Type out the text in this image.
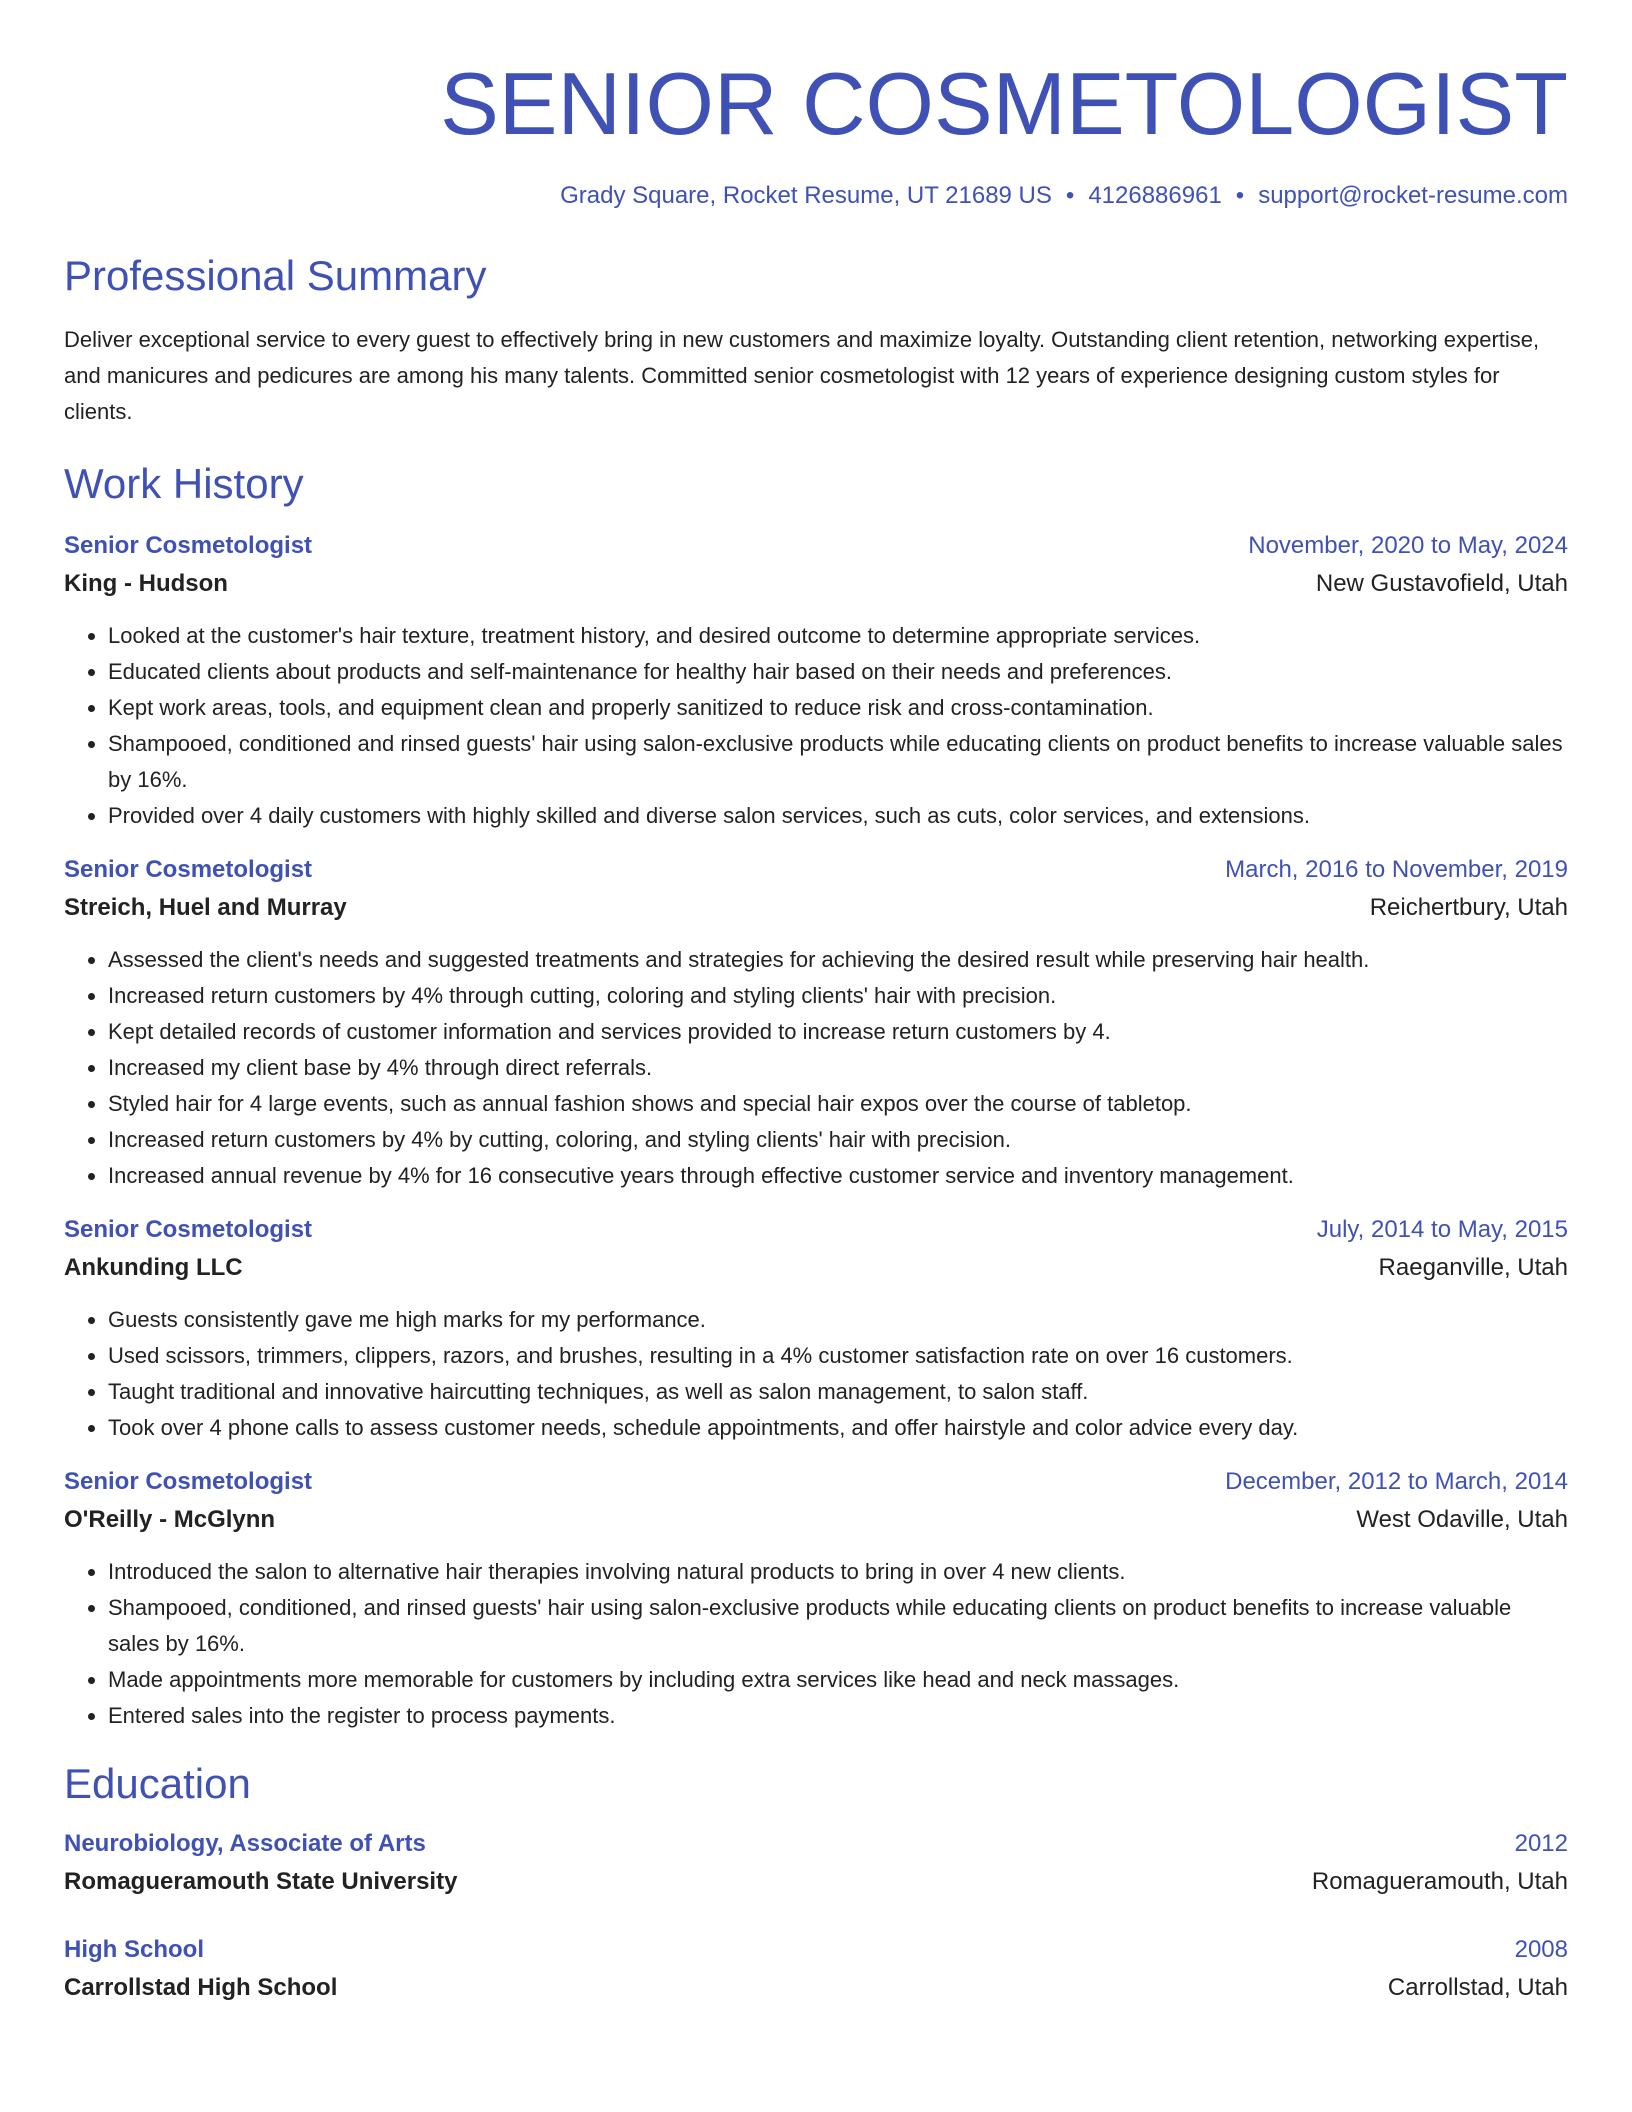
SENIOR COSMETOLOGIST
Grady Square, Rocket Resume, UT 21689 US • 4126886961 • support@rocket-resume.com
Professional Summary
Deliver exceptional service to every guest to effectively bring in new customers and maximize loyalty. Outstanding client retention, networking expertise, and manicures and pedicures are among his many talents. Committed senior cosmetologist with 12 years of experience designing custom styles for clients.
Work History
Senior Cosmetologist	November, 2020 to May, 2024
King - Hudson	New Gustavofield, Utah
• Looked at the customer's hair texture, treatment history, and desired outcome to determine appropriate services.
• Educated clients about products and self-maintenance for healthy hair based on their needs and preferences.
• Kept work areas, tools, and equipment clean and properly sanitized to reduce risk and cross-contamination.
• Shampooed, conditioned and rinsed guests' hair using salon-exclusive products while educating clients on product benefits to increase valuable sales by 16%.
• Provided over 4 daily customers with highly skilled and diverse salon services, such as cuts, color services, and extensions.
Senior Cosmetologist	March, 2016 to November, 2019
Streich, Huel and Murray	Reichertbury, Utah
• Assessed the client's needs and suggested treatments and strategies for achieving the desired result while preserving hair health.
• Increased return customers by 4% through cutting, coloring and styling clients' hair with precision.
• Kept detailed records of customer information and services provided to increase return customers by 4.
• Increased my client base by 4% through direct referrals.
• Styled hair for 4 large events, such as annual fashion shows and special hair expos over the course of tabletop.
• Increased return customers by 4% by cutting, coloring, and styling clients' hair with precision.
• Increased annual revenue by 4% for 16 consecutive years through effective customer service and inventory management.
Senior Cosmetologist	July, 2014 to May, 2015
Ankunding LLC	Raeganville, Utah
• Guests consistently gave me high marks for my performance.
• Used scissors, trimmers, clippers, razors, and brushes, resulting in a 4% customer satisfaction rate on over 16 customers.
• Taught traditional and innovative haircutting techniques, as well as salon management, to salon staff.
• Took over 4 phone calls to assess customer needs, schedule appointments, and offer hairstyle and color advice every day.
Senior Cosmetologist	December, 2012 to March, 2014
O'Reilly - McGlynn	West Odaville, Utah
• Introduced the salon to alternative hair therapies involving natural products to bring in over 4 new clients.
• Shampooed, conditioned, and rinsed guests' hair using salon-exclusive products while educating clients on product benefits to increase valuable sales by 16%.
• Made appointments more memorable for customers by including extra services like head and neck massages.
• Entered sales into the register to process payments.
Education
Neurobiology, Associate of Arts	2012
Romagueramouth State University	Romagueramouth, Utah
High School	2008
Carrollstad High School	Carrollstad, Utah
